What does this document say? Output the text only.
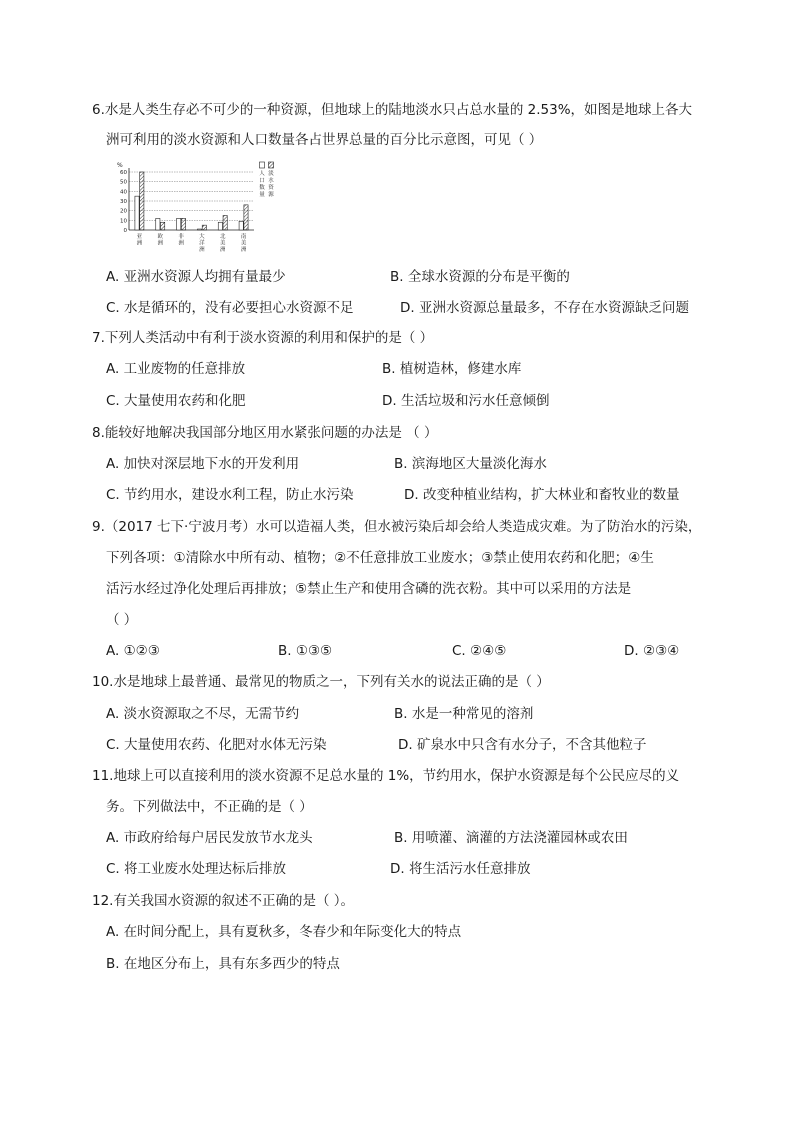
6.水是人类生存必不可少的一种资源，但地球上的陆地淡水只占总水量的 2.53%，如图是地球上各大
洲可利用的淡水资源和人口数量各占世界总量的百分比示意图，可见（ ）
%
0
10
20
30
40
50
60
亚
洲
欧
洲
非
洲
大
洋
洲
北
美
洲
南
美
洲
人
口
数
量
淡
水
资
源
A. 亚洲水资源人均拥有量最少	B. 全球水资源的分布是平衡的
C. 水是循环的，没有必要担心水资源不足	D. 亚洲水资源总量最多，不存在水资源缺乏问题
7.下列人类活动中有利于淡水资源的利用和保护的是（ ）
A. 工业废物的任意排放	B. 植树造林，修建水库
C. 大量使用农药和化肥	D. 生活垃圾和污水任意倾倒
8.能较好地解决我国部分地区用水紧张问题的办法是 （ ）
A. 加快对深层地下水的开发利用	B. 滨海地区大量淡化海水
C. 节约用水，建设水利工程，防止水污染	D. 改变种植业结构，扩大林业和畜牧业的数量
9.（2017 七下·宁波月考）水可以造福人类，但水被污染后却会给人类造成灾难。为了防治水的污染，
下列各项：①清除水中所有动、植物；②不任意排放工业废水；③禁止使用农药和化肥；④生
活污水经过净化处理后再排放；⑤禁止生产和使用含磷的洗衣粉。其中可以采用的方法是
（ ）
A. ①②③	B. ①③⑤	C. ②④⑤	D. ②③④
10.水是地球上最普通、最常见的物质之一，下列有关水的说法正确的是（ ）
A. 淡水资源取之不尽，无需节约	B. 水是一种常见的溶剂
C. 大量使用农药、化肥对水体无污染	D. 矿泉水中只含有水分子，不含其他粒子
11.地球上可以直接利用的淡水资源不足总水量的 1%，节约用水，保护水资源是每个公民应尽的义
务。下列做法中，不正确的是（ ）
A. 市政府给每户居民发放节水龙头	B. 用喷灌、滴灌的方法浇灌园林或农田
C. 将工业废水处理达标后排放	D. 将生活污水任意排放
12.有关我国水资源的叙述不正确的是（ ）。
A. 在时间分配上，具有夏秋多，冬春少和年际变化大的特点
B. 在地区分布上，具有东多西少的特点
